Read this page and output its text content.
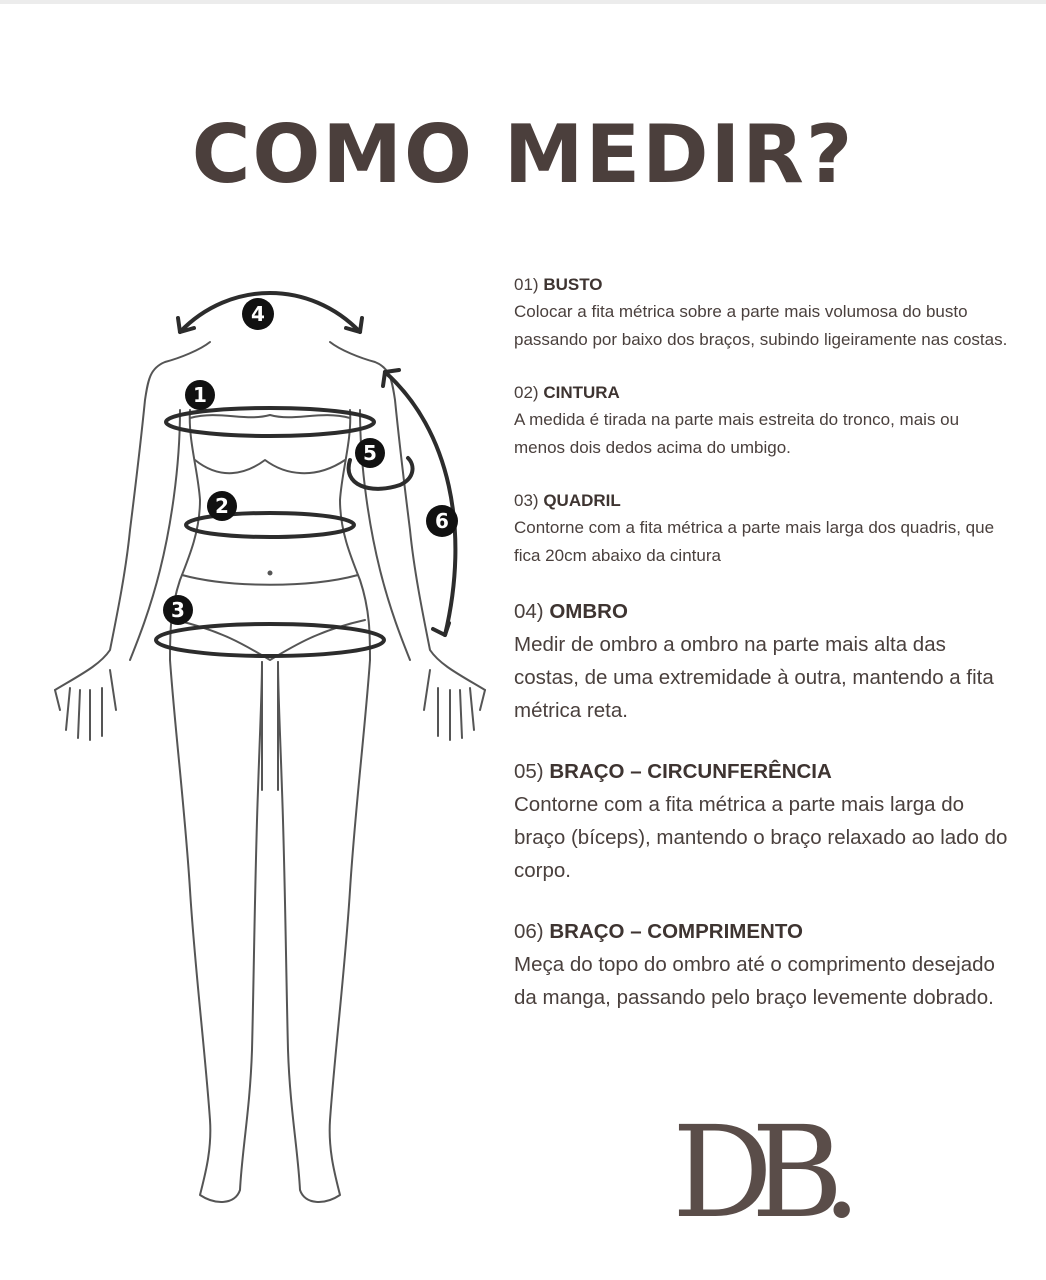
COMO MEDIR?
1
2
3
4
5
6

01) BUSTO

Colocar a fita métrica sobre a parte mais volumosa do busto passando por baixo dos braços, subindo ligeiramente nas costas.

02) CINTURA

A medida é tirada na parte mais estreita do tronco, mais ou menos dois dedos acima do umbigo.

03) QUADRIL

Contorne com a fita métrica a parte mais larga dos quadris, que fica 20cm abaixo da cintura

04) OMBRO

Medir de ombro a ombro na parte mais alta das costas, de uma extremidade à outra, mantendo a fita métrica reta.

05) BRAÇO – CIRCUNFERÊNCIA

Contorne com a fita métrica a parte mais larga do braço (bíceps), mantendo o braço relaxado ao lado do corpo.

06) BRAÇO – COMPRIMENTO

Meça do topo do ombro até o comprimento desejado da manga, passando pelo braço levemente dobrado.

DB.
